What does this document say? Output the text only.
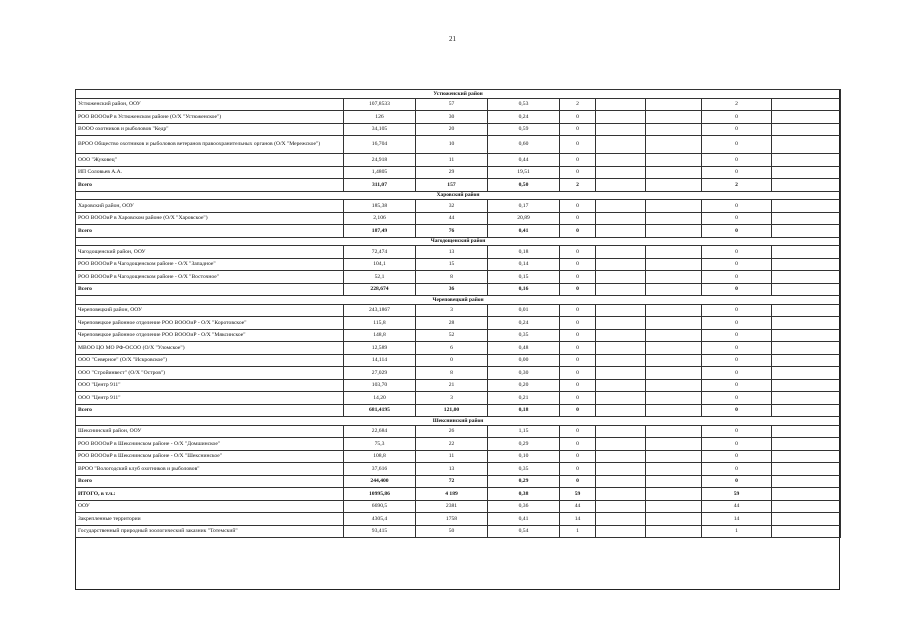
21
Устюженский район								
Устюженский район, ООУ	107,8533	57	0,53	2			2	
РОО ВОООиР в Устюженском районе (О/Х "Устюженское")	126	30	0,24	0			0	
ВООО охотников и рыболовов "Кедр"	34,105	20	0,59	0			0	
ВРОО Общество охотников и рыболовов ветеранов правоохранительных органов (О/Х "Мережское")	16,704	10	0,60	0			0	
ООО "Жуковец"	24,918	11	0,44	0			0	
ИП Соловьев А.А.	1,4805	29	19,51	0			0	
Всего	311,07	157	0,50	2			2	
Харовский район								
Харовский район, ООУ	185,38	32	0,17	0			0	
РОО ВОООиР в Харовском районе (О/Х "Харовское")	2,106	44	20,89	0			0	
Всего	187,49	76	0,41	0			0	
Чагодощенский район								
Чагодощенский район, ООУ	72,474	13	0,18	0			0	
РОО ВОООиР в Чагодощенском районе - О/Х "Западное"	104,1	15	0,14	0			0	
РОО ВОООиР в Чагодощенском районе - О/Х "Восточное"	52,1	8	0,15	0			0	
Всего	228,674	36	0,16	0			0	
Череповецкий район								
Череповецкий район, ООУ	243,1867	3	0,01	0			0	
Череповецкое районное отделение РОО ВОООиР - О/Х "Коротовское"	115,8	28	0,24	0			0	
Череповецкое районное отделение РОО ВОООиР - О/Х "Мяксинское"	148,8	52	0,35	0			0	
МВОО ЦО МО РФ-ОСОО (О/Х "Уломское")	12,589	6	0,48	0			0	
ООО "Северное" (О/Х "Искровское")	14,114	0	0,00	0			0	
ООО "Стройинвест" (О/Х "Остров")	27,029	8	0,30	0			0	
ООО "Центр 911"	103,70	21	0,20	0			0	
ООО "Центр 911"	14,20	3	0,21	0			0	
Всего	681,4195	121,00	0,18	0			0	
Шекснинский район								
Шекснинский район, ООУ	22,684	26	1,15	0			0	
РОО ВОООиР в Шекснинском районе - О/Х "Домшинское"	75,3	22	0,29	0			0	
РОО ВОООиР в Шекснинском районе - О/Х "Шекснинское"	108,8	11	0,10	0			0	
ВРОО "Вологодский клуб охотников и рыболовов"	37,616	13	0,35	0			0	
Всего	244,400	72	0,29	0			0	
ИТОГО, в т.ч.:	10995,86	4 189	0,38	59			59	
ООУ	6690,5	2381	0,36	44			44	
Закрепленные территории	4305,4	1758	0,41	14			14	
Государственный природный зоологический заказник "Тотемский"	93,415	50	0,54	1			1	
